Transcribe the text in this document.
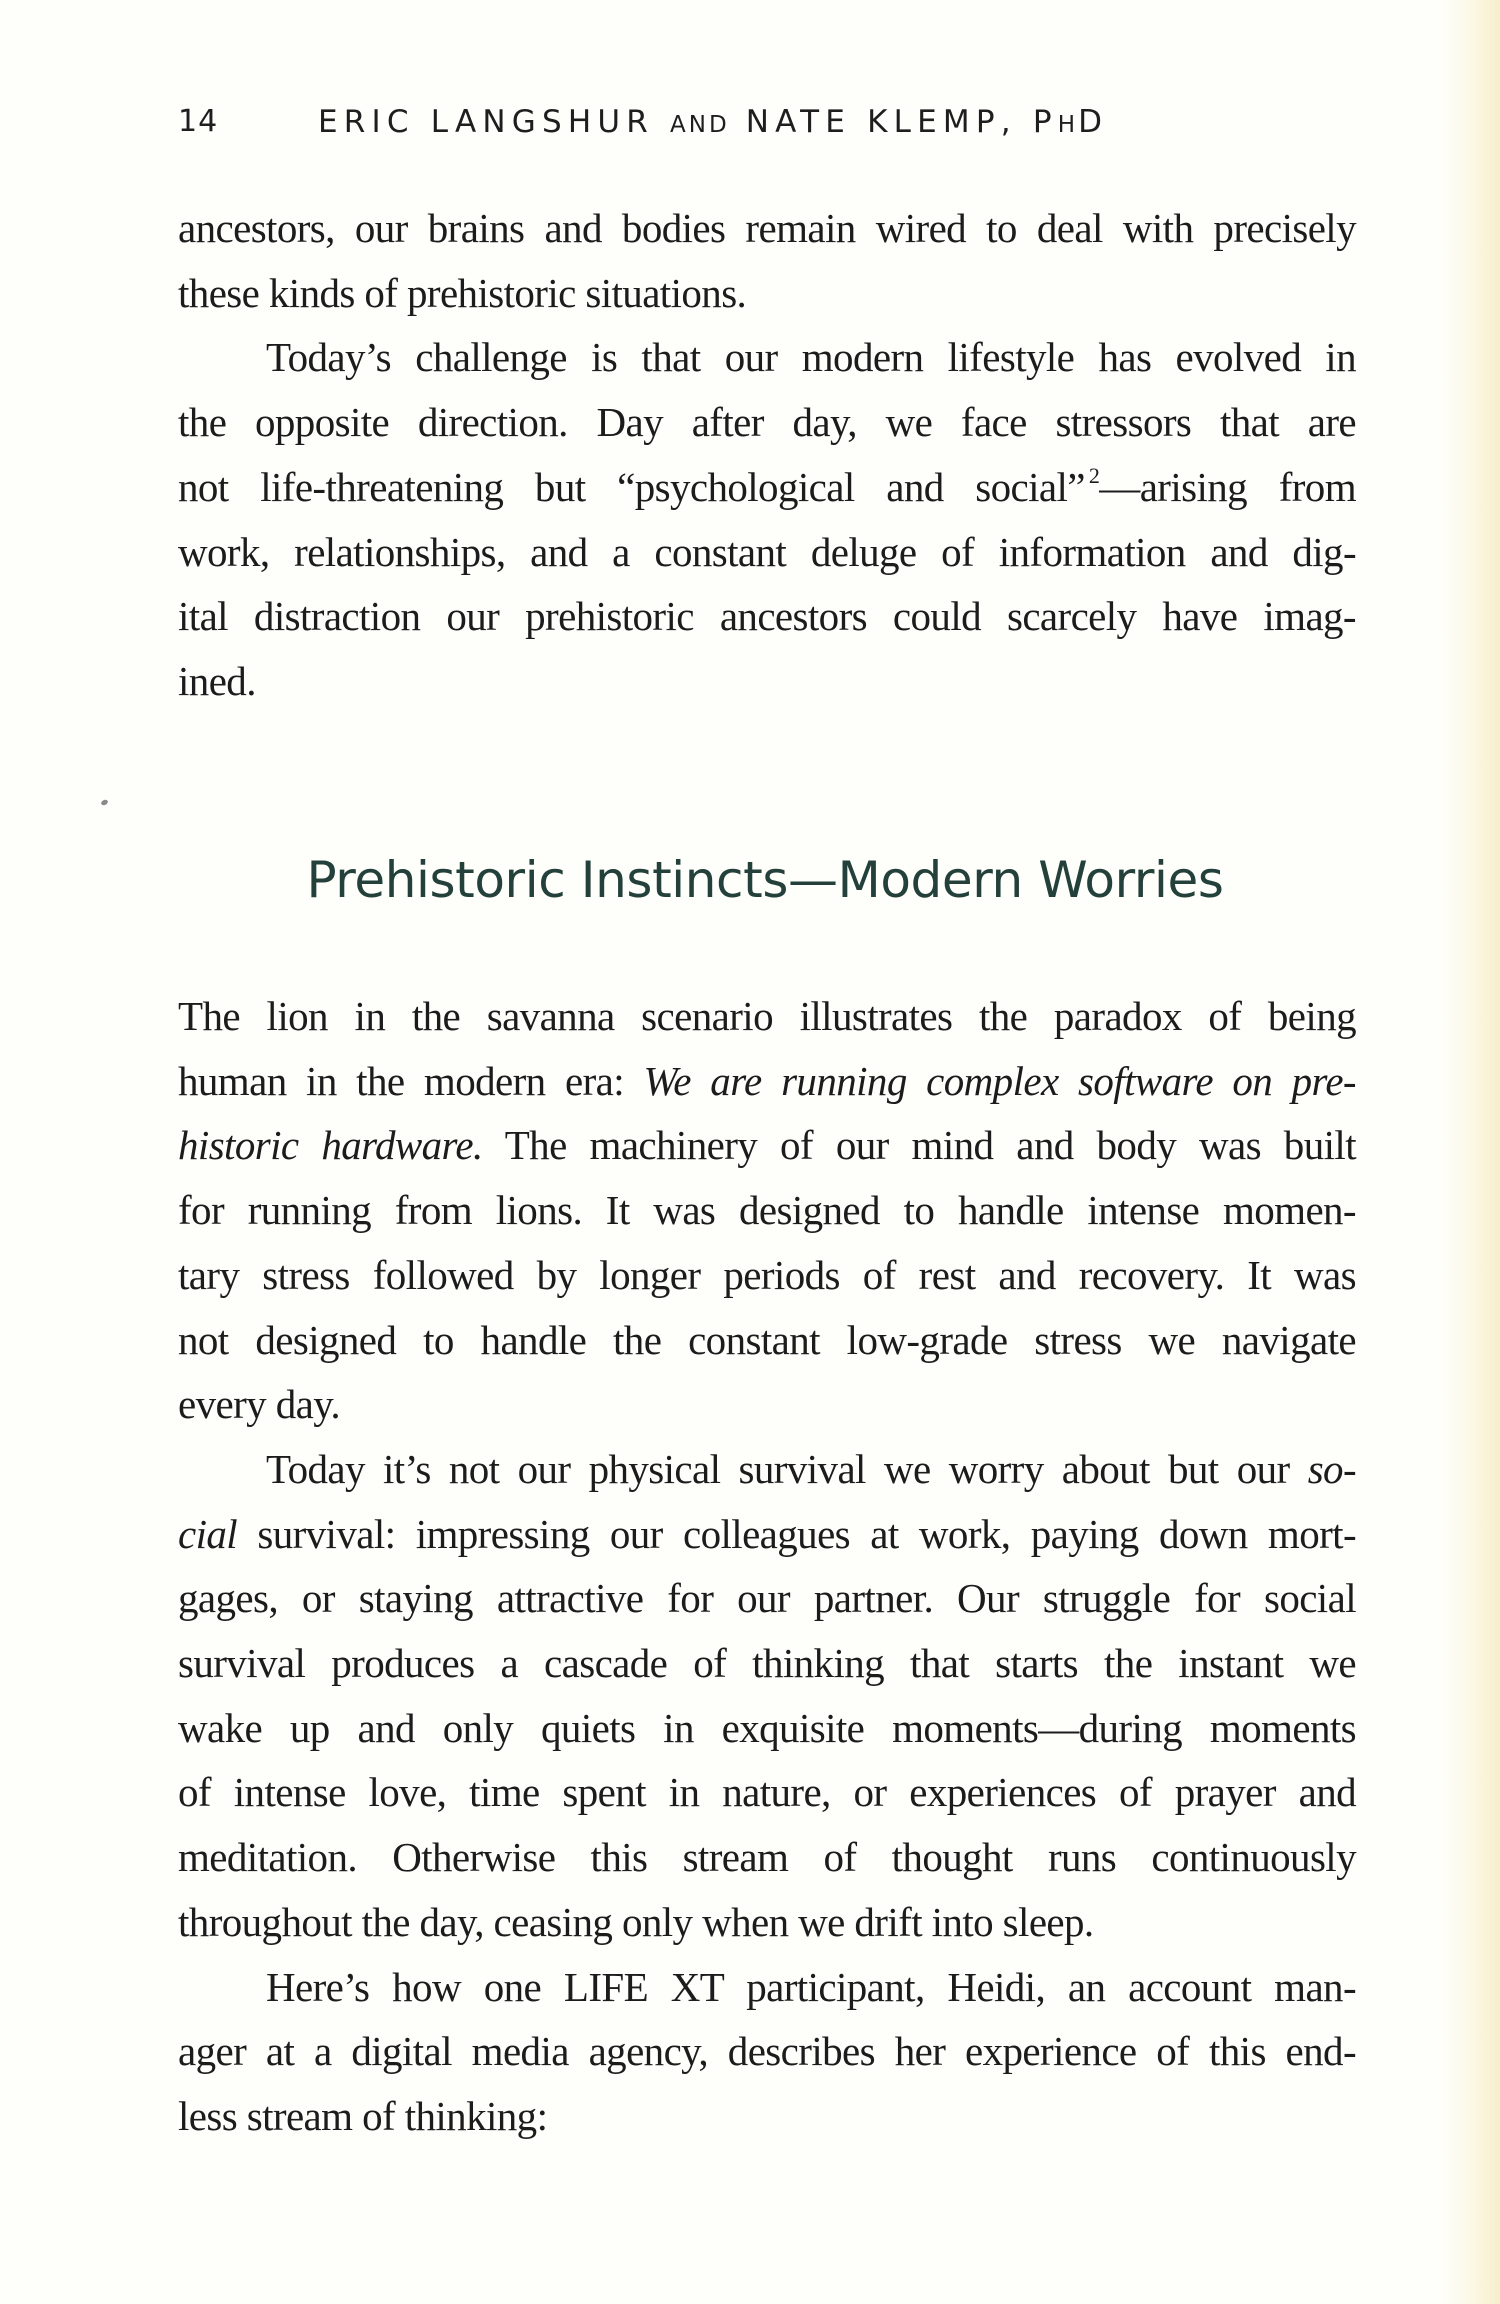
14	ERIC LANGSHUR AND NATE KLEMP, PHD
ancestors, our brains and bodies remain wired to deal with precisely
these kinds of prehistoric situations.
Today’s challenge is that our modern lifestyle has evolved in
the opposite direction. Day after day, we face stressors that are
not life-threatening but “psychological and social” $^2$—arising from
work, relationships, and a constant deluge of information and dig-
ital distraction our prehistoric ancestors could scarcely have imag-
ined.
Prehistoric Instincts—Modern Worries
The lion in the savanna scenario illustrates the paradox of being
human in the modern era: We are running complex software on pre-
historic hardware. The machinery of our mind and body was built
for running from lions. It was designed to handle intense momen-
tary stress followed by longer periods of rest and recovery. It was
not designed to handle the constant low-grade stress we navigate
every day.
Today it’s not our physical survival we worry about but our so-
cial survival: impressing our colleagues at work, paying down mort-
gages, or staying attractive for our partner. Our struggle for social
survival produces a cascade of thinking that starts the instant we
wake up and only quiets in exquisite moments—during moments
of intense love, time spent in nature, or experiences of prayer and
meditation. Otherwise this stream of thought runs continuously
throughout the day, ceasing only when we drift into sleep.
Here’s how one LIFE XT participant, Heidi, an account man-
ager at a digital media agency, describes her experience of this end-
less stream of thinking:
